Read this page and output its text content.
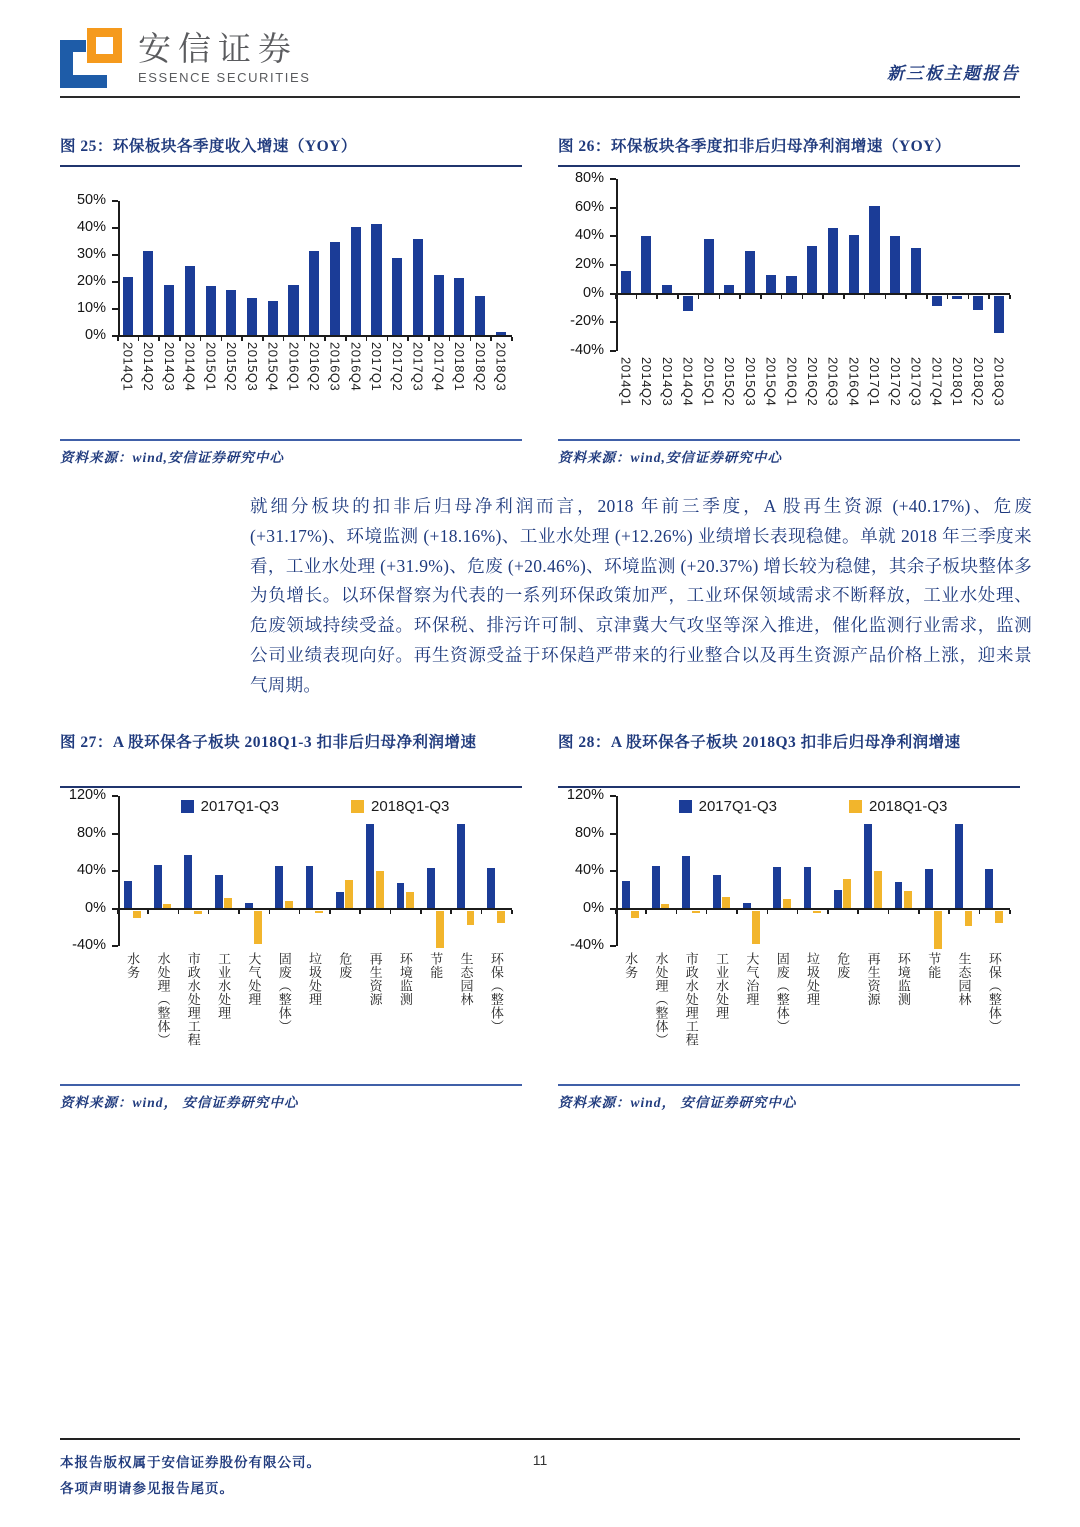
安信证券
ESSENCE SECURITIES	新三板主题报告
图 25：环保板块各季度收入增速（YOY）
0%
10%
20%
30%
40%
50%
2014Q1 2014Q2 2014Q3 2014Q4 2015Q1 2015Q2 2015Q3 2015Q4 2016Q1 2016Q2 2016Q3 2016Q4 2017Q1 2017Q2 2017Q3 2017Q4 2018Q1 2018Q2 2018Q3
资料来源：wind,安信证券研究中心
图 26：环保板块各季度扣非后归母净利润增速（YOY）
-40%
-20%
0%
20%
40%
60%
80%
2014Q1 2014Q2 2014Q3 2014Q4 2015Q1 2015Q2 2015Q3 2015Q4 2016Q1 2016Q2 2016Q3 2016Q4 2017Q1 2017Q2 2017Q3 2017Q4 2018Q1 2018Q2 2018Q3
资料来源：wind,安信证券研究中心
就细分板块的扣非后归母净利润而言，2018 年前三季度，A 股再生资源 (+40.17%)、危废 (+31.17%)、环境监测 (+18.16%)、工业水处理 (+12.26%) 业绩增长表现稳健。单就 2018 年三季度来看，工业水处理 (+31.9%)、危废 (+20.46%)、环境监测 (+20.37%) 增长较为稳健，其余子板块整体多为负增长。以环保督察为代表的一系列环保政策加严，工业环保领域需求不断释放，工业水处理、危废领域持续受益。环保税、排污许可制、京津冀大气攻坚等深入推进，催化监测行业需求，监测公司业绩表现向好。再生资源受益于环保趋严带来的行业整合以及再生资源产品价格上涨，迎来景气周期。
图 27：A 股环保各子板块 2018Q1-3 扣非后归母净利润增速
-40%
0%
40%
80%
120%
水务 水处理（整体） 市政水处理工程 工业水处理 大气处理 固废（整体） 垃圾处理 危废 再生资源 环境监测 节能 生态园林 环保（整体）
2017Q1-Q3	2018Q1-Q3
资料来源：wind， 安信证券研究中心
图 28：A 股环保各子板块 2018Q3 扣非后归母净利润增速
-40%
0%
40%
80%
120%
水务 水处理（整体） 市政水处理工程 工业水处理 大气治理 固废（整体） 垃圾处理 危废 再生资源 环境监测 节能 生态园林 环保（整体）
2017Q1-Q3	2018Q1-Q3
资料来源：wind， 安信证券研究中心
本报告版权属于安信证券股份有限公司。
各项声明请参见报告尾页。
11
